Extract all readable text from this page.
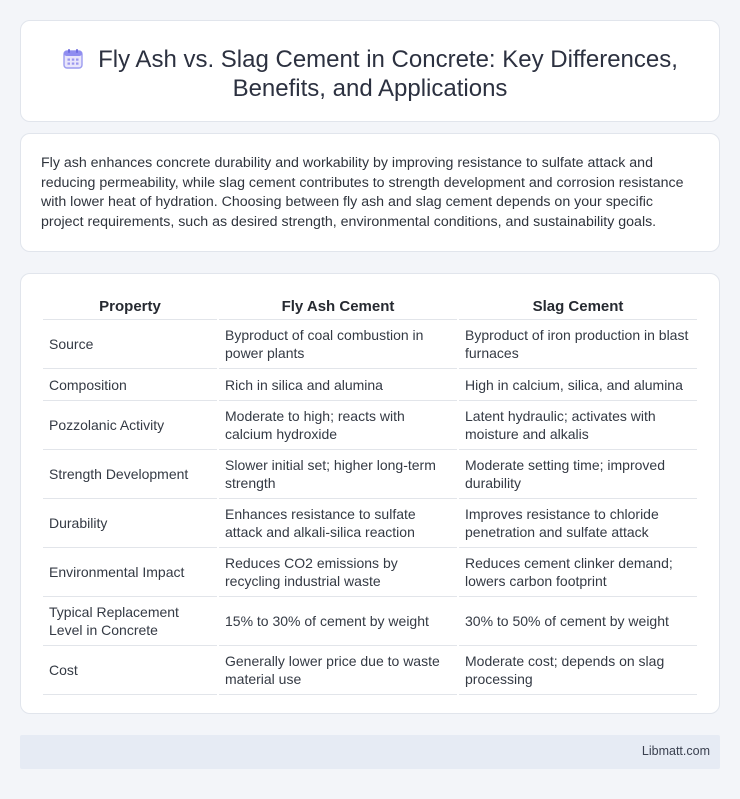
Fly Ash vs. Slag Cement in Concrete: Key Differences, Benefits, and Applications

Fly ash enhances concrete durability and workability by improving resistance to sulfate attack and reducing permeability, while slag cement contributes to strength development and corrosion resistance with lower heat of hydration. Choosing between fly ash and slag cement depends on your specific project requirements, such as desired strength, environmental conditions, and sustainability goals.

Property	Fly Ash Cement	Slag Cement
Source	Byproduct of coal combustion in power plants	Byproduct of iron production in blast furnaces
Composition	Rich in silica and alumina	High in calcium, silica, and alumina
Pozzolanic Activity	Moderate to high; reacts with calcium hydroxide	Latent hydraulic; activates with moisture and alkalis
Strength Development	Slower initial set; higher long-term strength	Moderate setting time; improved durability
Durability	Enhances resistance to sulfate attack and alkali-silica reaction	Improves resistance to chloride penetration and sulfate attack
Environmental Impact	Reduces CO2 emissions by recycling industrial waste	Reduces cement clinker demand; lowers carbon footprint
Typical Replacement Level in Concrete	15% to 30% of cement by weight	30% to 50% of cement by weight
Cost	Generally lower price due to waste material use	Moderate cost; depends on slag processing
Libmatt.com
